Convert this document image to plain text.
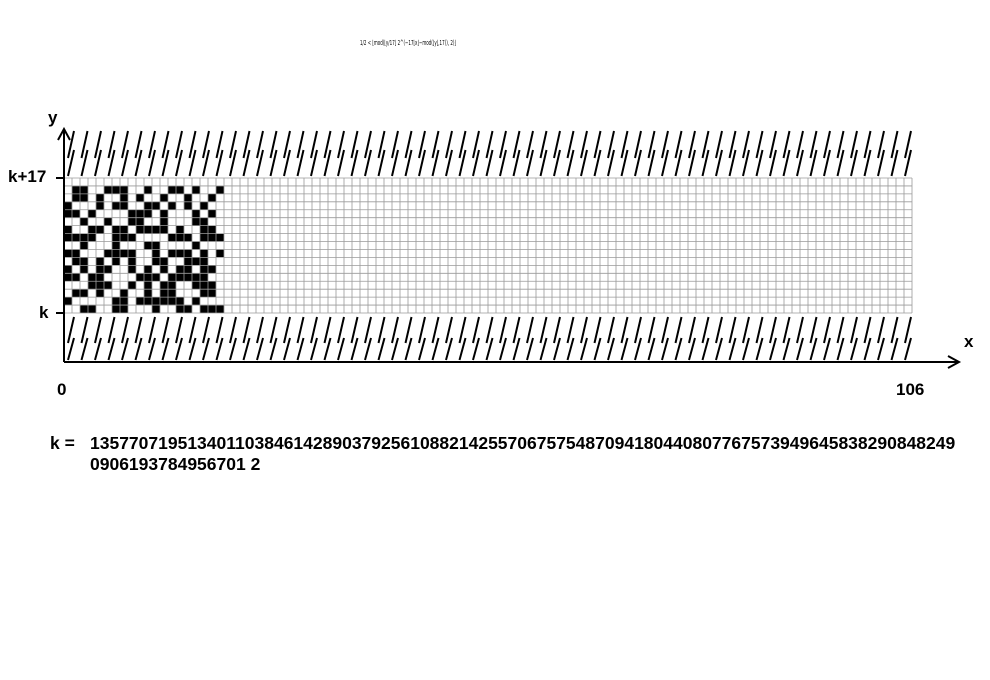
1/2 < ⌊mod(⌊y/17⌋ 2^(−17⌊x⌋−mod(⌊y⌋,17)), 2)⌋
y
x
k+17
k
0	106
k = 135770719513401103846142890379256108821425570675754870941804408077675739496458382908482490906193784956701 2
